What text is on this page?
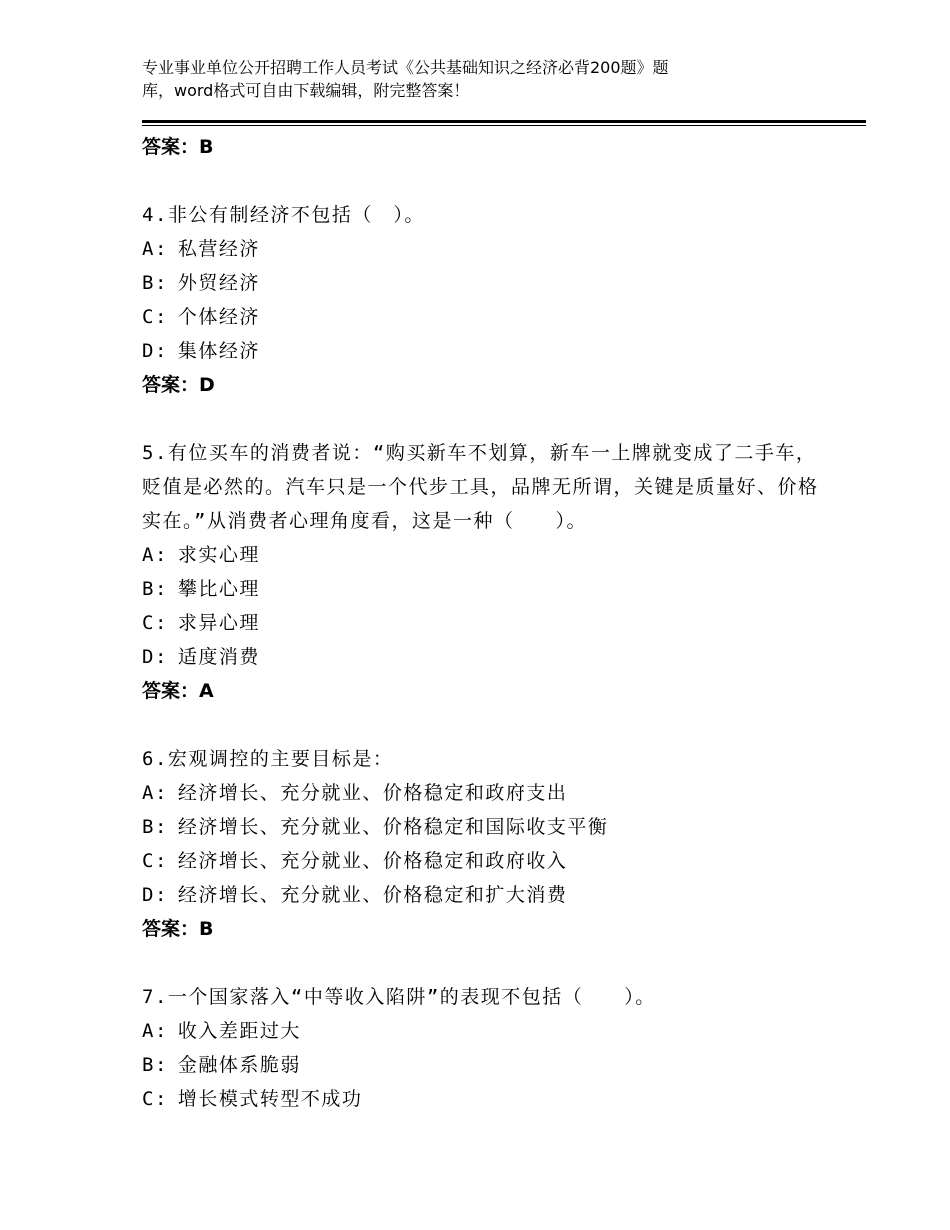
专业事业单位公开招聘工作人员考试《公共基础知识之经济必背200题》题
库，word格式可自由下载编辑，附完整答案！
答案：B
4.非公有制经济不包括（　）。
A: 私营经济
B: 外贸经济
C: 个体经济
D: 集体经济
答案：D
5.有位买车的消费者说：“购买新车不划算，新车一上牌就变成了二手车，贬值是必然的。汽车只是一个代步工具，品牌无所谓，关键是质量好、价格实在。”从消费者心理角度看，这是一种（　　）。
A: 求实心理
B: 攀比心理
C: 求异心理
D: 适度消费
答案：A
6.宏观调控的主要目标是：
A: 经济增长、充分就业、价格稳定和政府支出
B: 经济增长、充分就业、价格稳定和国际收支平衡
C: 经济增长、充分就业、价格稳定和政府收入
D: 经济增长、充分就业、价格稳定和扩大消费
答案：B
7.一个国家落入“中等收入陷阱”的表现不包括（　　）。
A: 收入差距过大
B: 金融体系脆弱
C: 增长模式转型不成功
